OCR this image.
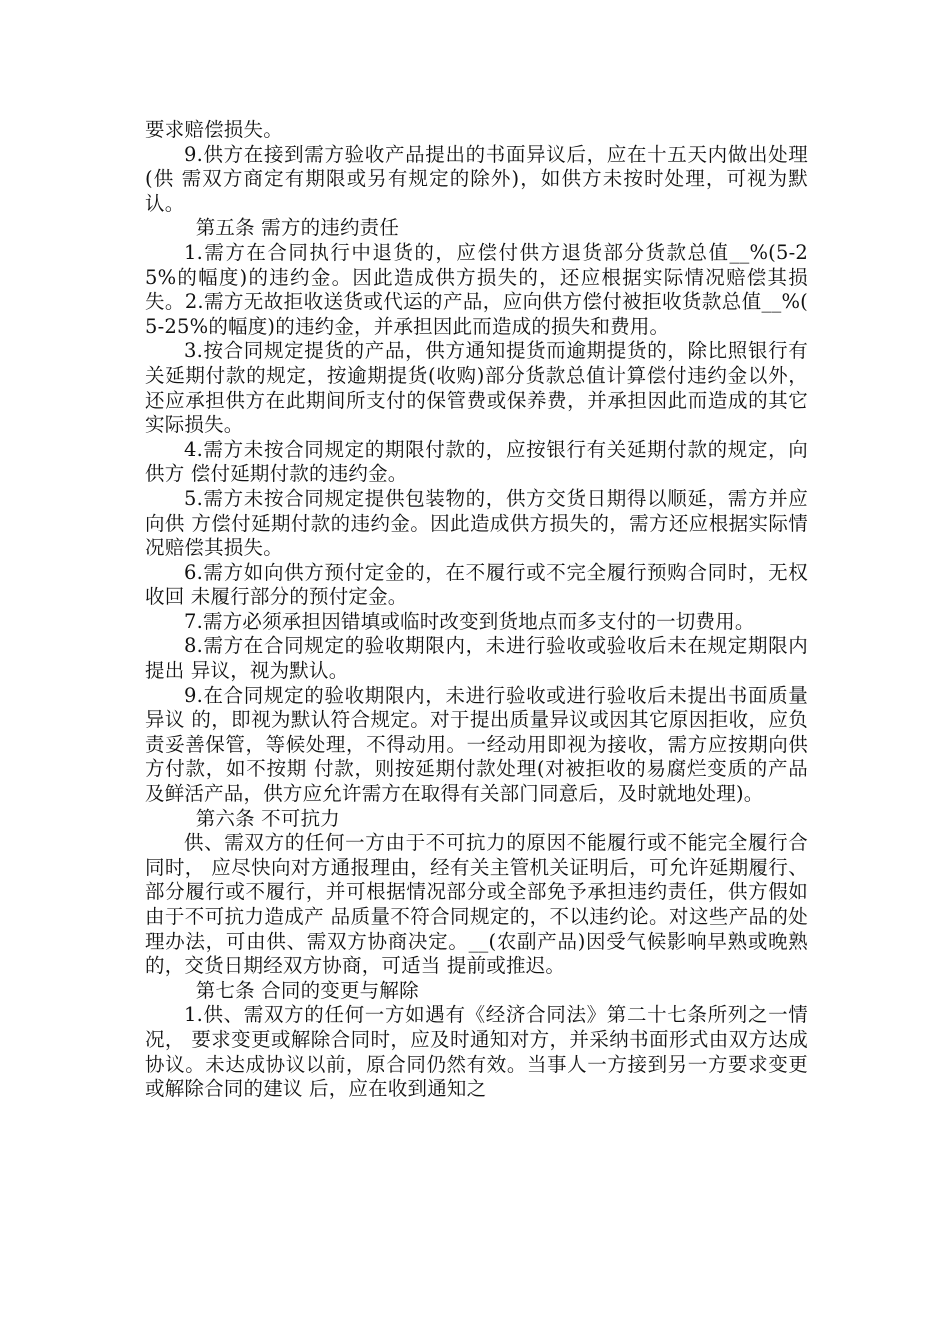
要求赔偿损失。

9.供方在接到需方验收产品提出的书面异议后，应在十五天内做出处理(供 需双方商定有期限或另有规定的除外)，如供方未按时处理，可视为默认。

第五条 需方的违约责任

1.需方在合同执行中退货的，应偿付供方退货部分货款总值__%(5-2 5%的幅度)的违约金。因此造成供方损失的，还应根据实际情况赔偿其损失。2.需方无故拒收送货或代运的产品，应向供方偿付被拒收货款总值__%( 5-25%的幅度)的违约金，并承担因此而造成的损失和费用。

3.按合同规定提货的产品，供方通知提货而逾期提货的，除比照银行有关延期付款的规定，按逾期提货(收购)部分货款总值计算偿付违约金以外，还应承担供方在此期间所支付的保管费或保养费，并承担因此而造成的其它实际损失。

4.需方未按合同规定的期限付款的，应按银行有关延期付款的规定，向供方 偿付延期付款的违约金。

5.需方未按合同规定提供包装物的，供方交货日期得以顺延，需方并应向供 方偿付延期付款的违约金。因此造成供方损失的，需方还应根据实际情况赔偿其损失。

6.需方如向供方预付定金的，在不履行或不完全履行预购合同时，无权收回 未履行部分的预付定金。

7.需方必须承担因错填或临时改变到货地点而多支付的一切费用。

8.需方在合同规定的验收期限内，未进行验收或验收后未在规定期限内提出 异议，视为默认。

9.在合同规定的验收期限内，未进行验收或进行验收后未提出书面质量异议 的，即视为默认符合规定。对于提出质量异议或因其它原因拒收，应负责妥善保管，等候处理，不得动用。一经动用即视为接收，需方应按期向供方付款，如不按期 付款，则按延期付款处理(对被拒收的易腐烂变质的产品及鲜活产品，供方应允许需方在取得有关部门同意后，及时就地处理)。

第六条 不可抗力

供、需双方的任何一方由于不可抗力的原因不能履行或不能完全履行合同时， 应尽快向对方通报理由，经有关主管机关证明后，可允许延期履行、部分履行或不履行，并可根据情况部分或全部免予承担违约责任，供方假如由于不可抗力造成产 品质量不符合同规定的，不以违约论。对这些产品的处理办法，可由供、需双方协商决定。__(农副产品)因受气候影响早熟或晚熟的，交货日期经双方协商，可适当 提前或推迟。

第七条 合同的变更与解除

1.供、需双方的任何一方如遇有《经济合同法》第二十七条所列之一情况， 要求变更或解除合同时，应及时通知对方，并采纳书面形式由双方达成协议。未达成协议以前，原合同仍然有效。当事人一方接到另一方要求变更或解除合同的建议 后，应在收到通知之
